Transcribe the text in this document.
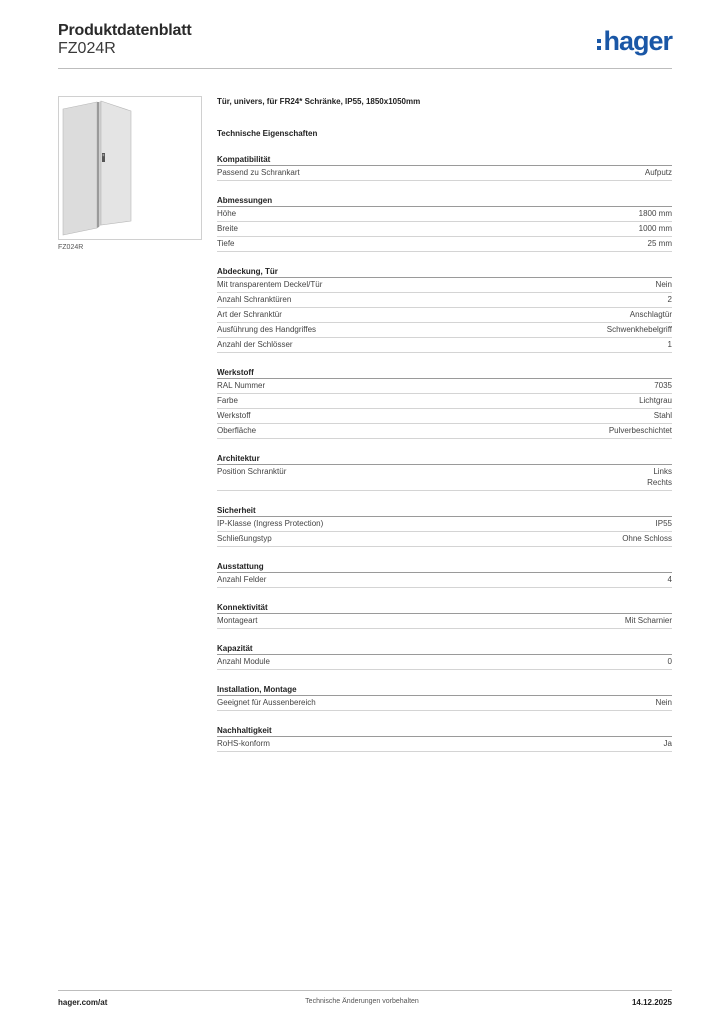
Produktdatenblatt
FZ024R	hager
FZ024R
Tür, univers, für FR24* Schränke, IP55, 1850x1050mm
Technische Eigenschaften
Kompatibilität
Passend zu Schrankart	Aufputz
Abmessungen
Höhe	1800 mm
Breite	1000 mm
Tiefe	25 mm
Abdeckung, Tür
Mit transparentem Deckel/Tür	Nein
Anzahl Schranktüren	2
Art der Schranktür	Anschlagtür
Ausführung des Handgriffes	Schwenkhebelgriff
Anzahl der Schlösser	1
Werkstoff
RAL Nummer	7035
Farbe	Lichtgrau
Werkstoff	Stahl
Oberfläche	Pulverbeschichtet
Architektur
Position Schranktür	Links
Rechts
Sicherheit
IP-Klasse (Ingress Protection)	IP55
Schließungstyp	Ohne Schloss
Ausstattung
Anzahl Felder	4
Konnektivität
Montageart	Mit Scharnier
Kapazität
Anzahl Module	0
Installation, Montage
Geeignet für Aussenbereich	Nein
Nachhaltigkeit
RoHS-konform	Ja
hager.com/at	Technische Änderungen vorbehalten	14.12.2025
